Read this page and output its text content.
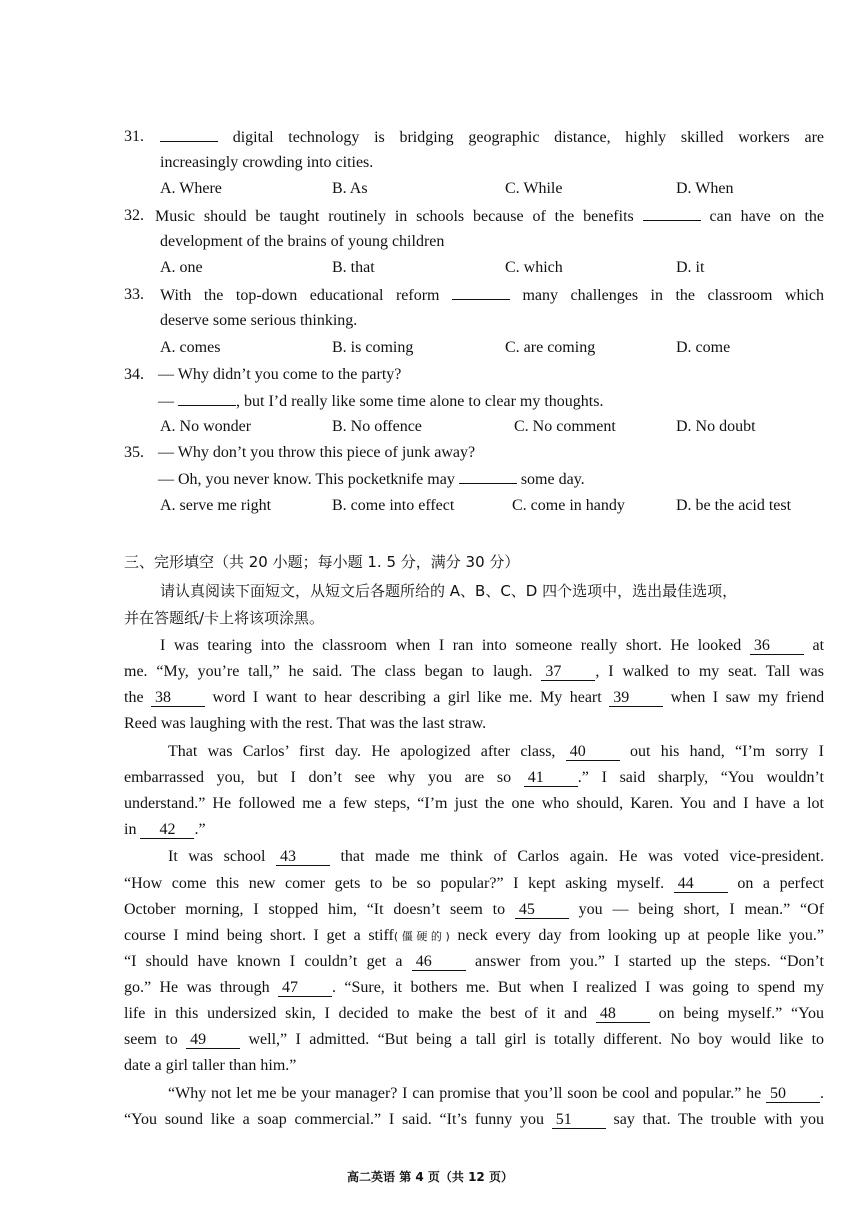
31.	digital technology is bridging geographic distance, highly skilled workers are
increasingly crowding into cities.
A. Where	B. As	C. While	D. When
32. Music should be taught routinely in schools because of the benefits	can have on the
development of the brains of young children
A. one	B. that	C. which	D. it
33. With the top-down educational reform	many challenges in the classroom which
deserve some serious thinking.
A. comes	B. is coming	C. are coming	D. come
34. — Why didn’t you come to the party?
—	, but I’d really like some time alone to clear my thoughts.
A. No wonder	B. No offence	C. No comment	D. No doubt
35. — Why don’t you throw this piece of junk away?
— Oh, you never know. This pocketknife may	some day.
A. serve me right	B. come into effect	C. come in handy	D. be the acid test
三、完形填空（共 20 小题；每小题 1. 5 分，满分 30 分）
请认真阅读下面短文，从短文后各题所给的 A、B、C、D 四个选项中，选出最佳选项，
并在答题纸/卡上将该项涂黑。
I was tearing into the classroom when I ran into someone really short. He looked 36	at
me. “My, you’re tall,” he said. The class began to laugh. 37 , I walked to my seat. Tall was
the 38	word I want to hear describing a girl like me. My heart 39	when I saw my friend
Reed was laughing with the rest. That was the last straw.
That was Carlos’ first day. He apologized after class, 40	out his hand, “I’m sorry I
embarrassed you, but I don’t see why you are so 41 .” I said sharply, “You wouldn’t
understand.” He followed me a few steps, “I’m just the one who should, Karen. You and I have a lot
in 42 .”
It was school 43	that made me think of Carlos again. He was voted vice-president.
“How come this new comer gets to be so popular?” I kept asking myself. 44	on a perfect
October morning, I stopped him, “It doesn’t seem to 45	you — being short, I mean.” “Of
course I mind being short. I get a stiff(僵硬的) neck every day from looking up at people like you.”
“I should have known I couldn’t get a 46	answer from you.” I started up the steps. “Don’t
go.” He was through 47 . “Sure, it bothers me. But when I realized I was going to spend my
life in this undersized skin, I decided to make the best of it and 48	on being myself.” “You
seem to 49	well,” I admitted. “But being a tall girl is totally different. No boy would like to
date a girl taller than him.”
“Why not let me be your manager? I can promise that you’ll soon be cool and popular.” he 50 .
“You sound like a soap commercial.” I said. “It’s funny you 51	say that. The trouble with you
高二英语 第 4 页（共 12 页）
